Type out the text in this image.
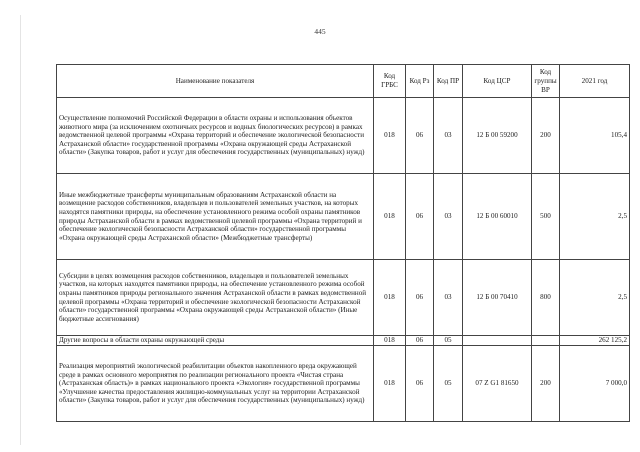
445
Наименование показателя	Код ГРБС	Код Рз	Код ПР	Код ЦСР	Код группы ВР	2021 год
Осуществление полномочий Российской Федерации в области охраны и использования объектов животного мира (за исключением охотничьих ресурсов и водных биологических ресурсов) в рамках ведомственной целевой программы «Охрана территорий и обеспечение экологической безопасности Астраханской области» государственной программы «Охрана окружающей среды Астраханской области» (Закупка товаров, работ и услуг для обеспечения государственных (муниципальных) нужд)	018	06	03	12 Б 00 59200	200	105,4
Иные межбюджетные трансферты муниципальным образованиям Астраханской области на возмещение расходов собственников, владельцев и пользователей земельных участков, на которых находятся памятники природы, на обеспечение установленного режима особой охраны памятников природы Астраханской области в рамках ведомственной целевой программы «Охрана территорий и обеспечение экологической безопасности Астраханской области» государственной программы «Охрана окружающей среды Астраханской области» (Межбюджетные трансферты)	018	06	03	12 Б 00 60010	500	2,5
Субсидии в целях возмещения расходов собственников, владельцев и пользователей земельных участков, на которых находятся памятники природы, на обеспечение установленного режима особой охраны памятников природы регионального значения Астраханской области в рамках ведомственной целевой программы «Охрана территорий и обеспечение экологической безопасности Астраханской области» государственной программы «Охрана окружающей среды Астраханской области» (Иные бюджетные ассигнования)	018	06	03	12 Б 00 70410	800	2,5
Другие вопросы в области охраны окружающей среды	018	06	05			262 125,2
Реализация мероприятий экологической реабилитации объектов накопленного вреда окружающей среде в рамках основного мероприятия по реализации регионального проекта «Чистая страна (Астраханская область)» в рамках национального проекта «Экология» государственной программы «Улучшение качества предоставления жилищно-коммунальных услуг на территории Астраханской области» (Закупка товаров, работ и услуг для обеспечения государственных (муниципальных) нужд)	018	06	05	07 Z G1 81650	200	7 000,0
